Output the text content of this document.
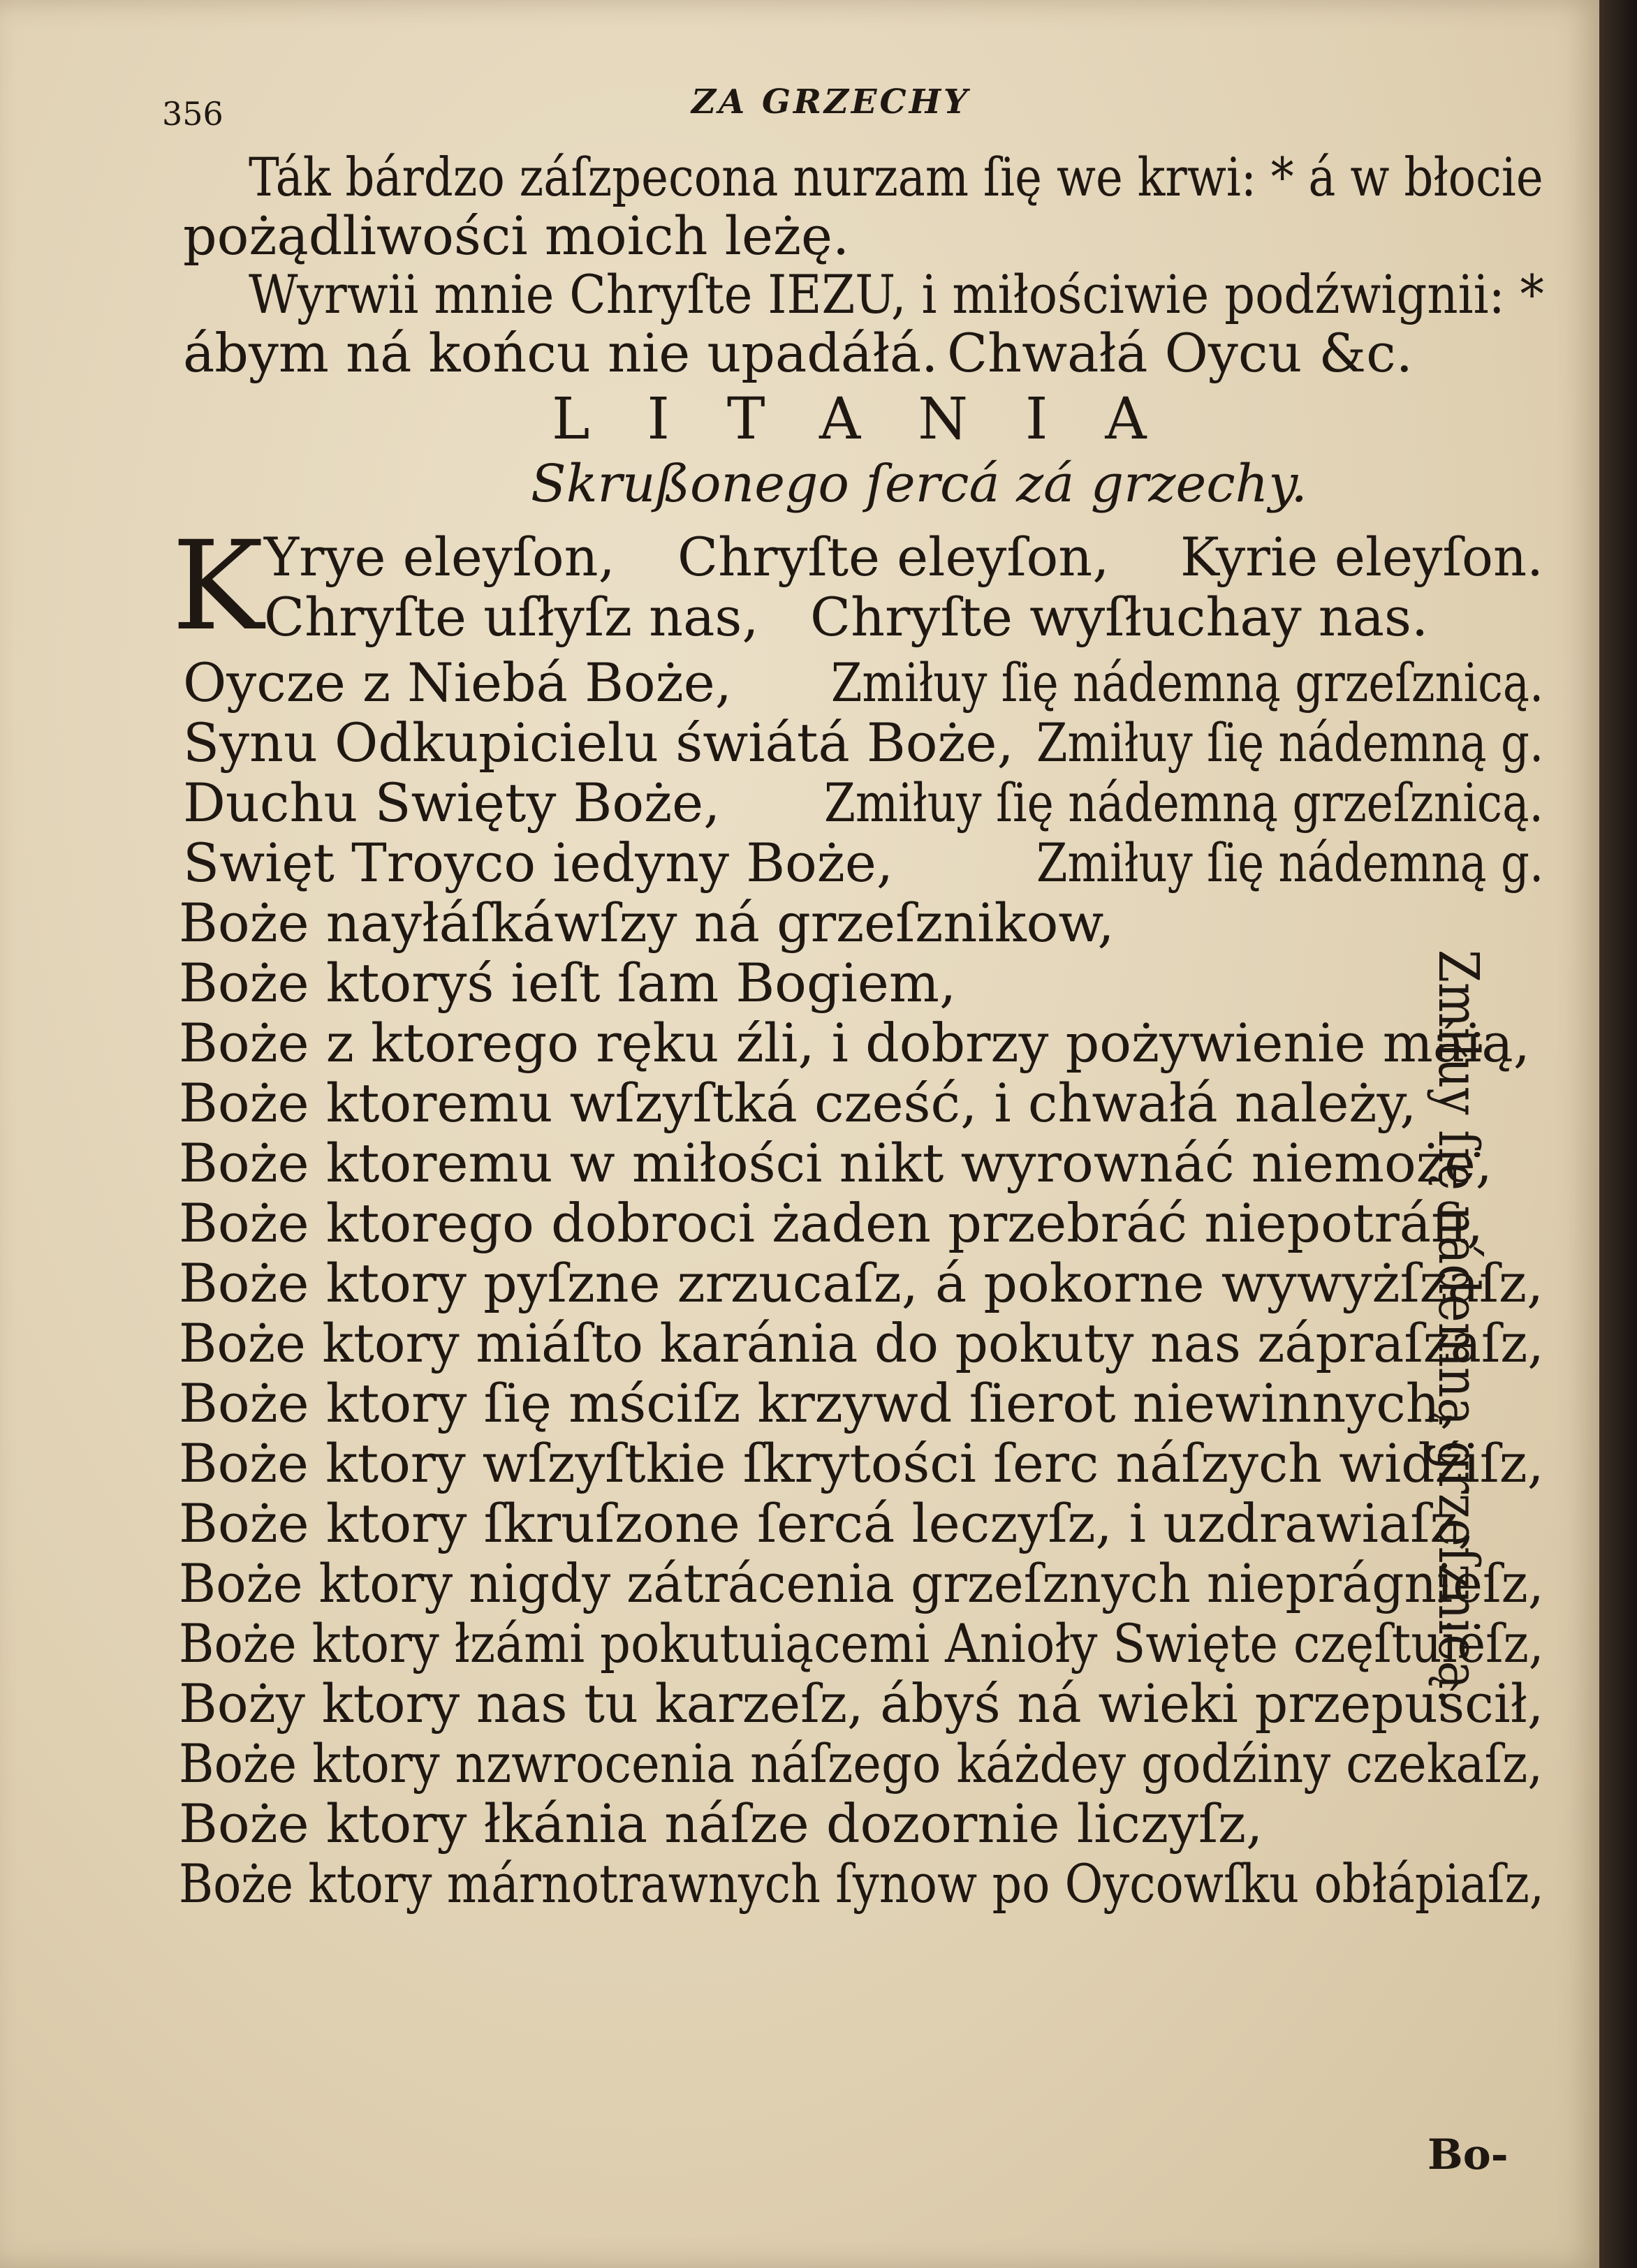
356	ZA GRZECHY
Ták bárdzo záſzpecona nurzam ſię we krwi: * á w błocie
pożądliwości moich leżę.
Wyrwii mnie Chryſte IEZU, i miłościwie podźwignii: *
ábym ná końcu nie upadáłá. Chwałá Oycu &c.
LITANIA
Skrußonego ſercá zá grzechy.
K Yrye eleyſon, Chryſte eleyſon, Kyrie eleyſon.
Chryſte uſłyſz nas, Chryſte wyſłuchay nas.
Oycze z Niebá Boże, Zmiłuy ſię nádemną grzeſznicą.
Synu Odkupicielu świátá Boże, Zmiłuy ſię nádemną g.
Duchu Swięty Boże, Zmiłuy ſię nádemną grzeſznicą.
Swięt Troyco iedyny Boże,	Zmiłuy ſię nádemną g.
Boże nayłáſkáwſzy ná grzeſznikow,
Boże ktoryś ieſt ſam Bogiem,
Boże z ktorego ręku źli, i dobrzy pożywienie máią,
Boże ktoremu wſzyſtká cześć, i chwałá należy,
Boże ktoremu w miłości nikt wyrownáć niemoże,
Boże ktorego dobroci żaden przebráć niepotráfi,
Boże ktory pyſzne zrzucaſz, á pokorne wywyżſzaſz,
Boże ktory miáſto karánia do pokuty nas zápraſzaſz,
Boże ktory ſię mściſz krzywd ſierot niewinnych,
Boże ktory wſzyſtkie ſkrytości ſerc náſzych widźiſz,
Boże ktory ſkruſzone ſercá leczyſz, i uzdrawiaſz,
Boże ktory nigdy zátrácenia grzeſznych nieprágnieſz,
Boże ktory łzámi pokutuiącemi Anioły Swięte częſtuieſz,
Boży ktory nas tu karzeſz, ábyś ná wieki przepuścił,
Boże ktory nzwrocenia náſzego káżdey godźiny czekaſz,
Boże ktory łkánia náſze dozornie liczyſz,
Boże ktory márnotrawnych ſynow po Oycowſku obłápiaſz,
Zmiłuy ſię nádemną grzeſznicą.
Bo-
